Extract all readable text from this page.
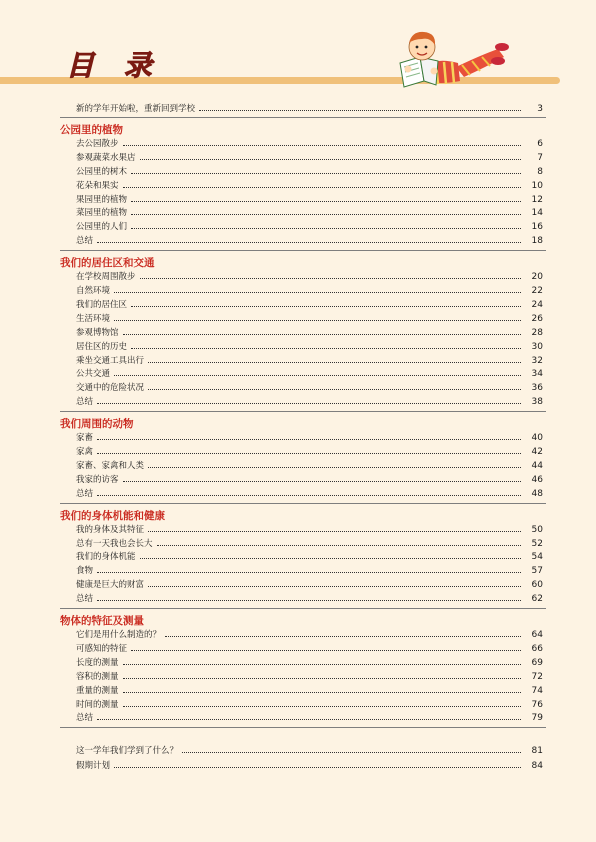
目 录
新的学年开始啦，重新回到学校	3
公园里的植物
去公园散步	6
参观蔬菜水果店	7
公园里的树木	8
花朵和果实	10
果园里的植物	12
菜园里的植物	14
公园里的人们	16
总结	18
我们的居住区和交通
在学校周围散步	20
自然环境	22
我们的居住区	24
生活环境	26
参观博物馆	28
居住区的历史	30
乘坐交通工具出行	32
公共交通	34
交通中的危险状况	36
总结	38
我们周围的动物
家畜	40
家禽	42
家畜、家禽和人类	44
我家的访客	46
总结	48
我们的身体机能和健康
我的身体及其特征	50
总有一天我也会长大	52
我们的身体机能	54
食物	57
健康是巨大的财富	60
总结	62
物体的特征及测量
它们是用什么制造的？	64
可感知的特征	66
长度的测量	69
容积的测量	72
重量的测量	74
时间的测量	76
总结	79
这一学年我们学到了什么？	81
假期计划	84
